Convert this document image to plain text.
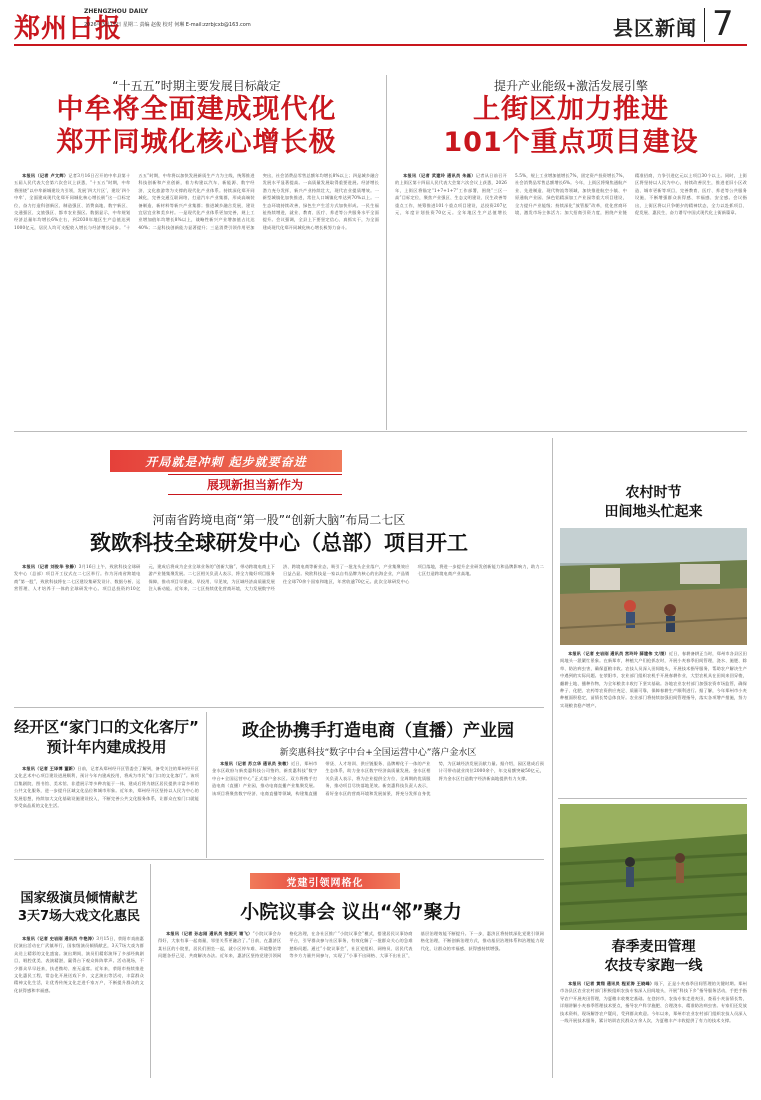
郑州日报
ZHENGZHOU DAILY
2026年3月17日 星期二 责编 赵俊 校对 何琳 E-mail:zzrbjcxb@163.com	县区新闻 7
“十五五”时期主要发展目标敲定
中牟将全面建成现代化
郑开同城化核心增长极

本报讯（记者 卢文辉）记者3月16日召开的中牟县第十五届人民代表大会第六次会议上获悉，“十五五”时期，中牟将围绕“以中牟新城建设为引领，发展‘四大片区’，建设‘四个中牟’，全面建成现代化郑开同城化核心增长极”这一目标定位，奋力打造科创新区、制造强区、消费高地、数字新区、交通强区、文旅强区、都市农业强区。数据显示，中牟规划经济总量年均增长6%左右，到2030年地区生产总值达到1000亿元，居民人均可支配收入增长与经济增长同步。“十五五”时期，中牟将以加快发展新质生产力为主线，统筹推进科技创新和产业创新，着力构建以汽车、新能源、数字经济、文化旅游等为支撑的现代化产业体系。持续深化郑开同城化，完善交通互联网络，打造汽车产业集群，形成高端装备制造、新材料等新兴产业集群；推进城乡融合发展，建设宜居宜业和美乡村。一是现代化产业体系更加完善，规上工业增加值年均增长8%以上，战略性新兴产业增加值占比达40%；二是科技创新能力显著提升；三是消费引领作用更加突出，社会消费品零售总额年均增长8%以上；四是城乡融合发展水平显著提高。一高质量发展取得重要进展。经济增长潜力充分发挥，新兴产业持续壮大，现代农业提质增效。一新型城镇化加快推进，常住人口城镇化率达到70%以上。一生态环境持续改善，绿色生产生活方式加快形成。一民生福祉持续增进，就业、教育、医疗、养老等公共服务水平全面提升。会议强调，全县上下要坚定信心、真抓实干，为全面建成现代化郑开同城化核心增长极努力奋斗。

提升产业能级+激活发展引擎
上街区加力推进
101个重点项目建设

本报讯（记者 武建玲 通讯员 朱磊）记者从日前召开的上街区第十四届人民代表大会第六次会议上获悉，2026年，上街区将锚定“1+7+1+7”工作部署，围绕“三区一高”目标定位，聚焦产业强区、生态文明建设、民生改善等重点工作，统筹推进101个重点项目建设，总投资207亿元，年度计划投资70亿元。全年地区生产总值增长5.5%，规上工业增加值增长7%，固定资产投资增长7%，社会消费品零售总额增长6%。今年，上街区将聚焦通航产业、先进制造、现代物流等领域，加快推进航空小镇、中原通航产业园、绿色铝精深加工产业园等重大项目建设，全力提升产业能级；持续深化“放管服”改革，优化营商环境，激发市场主体活力；加大招商引资力度，围绕产业链精准招商，力争引进亿元以上项目30个以上。同时，上街区将坚持以人民为中心，持续改善民生，推进老旧小区改造、城市更新等项目，完善教育、医疗、养老等公共服务设施，不断增强群众获得感、幸福感、安全感。会议指出，上街区将以只争朝夕的精神状态，全力以赴抓项目、促发展、惠民生，奋力谱写中国式现代化上街新篇章。

开局就是冲刺 起步就要奋进
展现新担当新作为
河南省跨境电商“第一股”“创新大脑”布局二七区
致欧科技全球研发中心（总部）项目开工

本报讯（记者 刘俊华 张静）3月16日上午，致欧科技全球研发中心（总部）项目开工仪式在二七区举行。作为河南省跨境电商“第一股”，致欧科技将在二七区建设集研发设计、数据分析、运营管理、人才培养于一体的全球研发中心。项目总投资约10亿元，建成后将成为企业全球业务的“创新大脑”，带动跨境电商上下游产业链集聚发展。二七区相关负责人表示，将全力做好项目服务保障，推动项目早建成、早投用、早见效，为区域经济高质量发展注入新动能。近年来，二七区持续优化营商环境，大力发展数字经济、跨境电商等新业态，吸引了一批龙头企业落户，产业集聚效应日益凸显。致欧科技是一家以自有品牌为核心的出海企业，产品销往全球70余个国家和地区，年营收逾70亿元。此次全球研发中心项目落地，将进一步提升企业研发创新能力和品牌影响力，助力二七区打造跨境电商产业高地。

农村时节
田间地头忙起来

本报讯（记者 史岩刚 通讯员 宫玲玲 薛建伟 文/图）近日，春耕备耕正当时，郑州市各县区田间地头一派繁忙景象。在新郑市，种植大户们抢抓农时，开展小麦春季田间管理，浇水、施肥、除草、防治病虫害，确保夏粮丰收。农技人员深入田间地头，开展技术指导服务，帮助农户解决生产中遇到的实际问题。在荥阳市，农业部门组织农机手开展春耕作业，大型农机具在田间来回穿梭，翻耕土地、播种作物，为全年粮食丰收打下坚实基础。各地农业农村部门加强农资市场监管，确保种子、化肥、农药等农资供应充足、质量可靠，保障春耕生产顺利进行。据了解，今年郑州市小麦种植面积稳定，苗情长势总体良好。农业部门将持续加强田间管理指导，落实各项增产措施，努力实现粮食稳产增产。

经开区“家门口的文化客厅”
预计年内建成投用

本报讯（记者 王译博 董新）日前，记者从郑州经开区管委会了解到，备受关注的郑州经开区文化艺术中心项目建设进展顺利，预计今年内建成投用，将成为市民“家门口的文化客厅”。该项目集剧院、图书馆、美术馆、非遗展示等多种功能于一体，建成后将为辖区居民提供丰富多样的公共文化服务，进一步提升区域文化品位和城市形象。近年来，郑州经开区坚持以人民为中心的发展思想，持续加大文化基础设施建设投入，不断完善公共文化服务体系，让群众在家门口就能享受高品质的文化生活。

政企协携手打造电商（直播）产业园
新奕惠科技“数字中台+全国运营中心”落户金水区

本报讯（记者 苏立华 通讯员 张敏）近日，郑州市金水区政府与新奕惠科技公司签约，新奕惠科技“数字中台+全国运营中心”正式落户金水区。双方将携手打造电商（直播）产业园，推动电商直播产业集聚发展。该项目将聚焦数字经济、电商直播等领域，构建集直播带货、人才培训、供应链服务、品牌孵化于一体的产业生态体系，助力金水区数字经济高质量发展。金水区相关负责人表示，将为企业提供全方位、全周期的优质服务，推动项目尽快落地见效。新奕惠科技负责人表示，看好金水区的营商环境和发展前景，将充分发挥自身优势，为区域经济发展贡献力量。据介绍，园区建成后预计可带动就业岗位2000余个，年交易额突破50亿元，将为金水区打造数字经济新高地提供有力支撑。

国家级演员倾情献艺
3天7场大戏文化惠民

本报讯（记者 史岩刚 通讯员 牛艳涛）3月15日，荥阳市戏曲惠民演出活动在广武镇举行，国家级演员倾情献艺，3天7场大戏为群众送上精彩的文化盛宴。演出期间，演员们精彩演绎了多部经典剧目，唱腔优美、表演精湛，赢得台下观众阵阵掌声。活动现场，不少群众早早赶来，扶老携幼、座无虚席。近年来，荥阳市持续推进文化惠民工程，常态化开展送戏下乡、文艺演出等活动，丰富群众精神文化生活，让优秀传统文化走进千家万户，不断提升群众的文化获得感和幸福感。

党建引领网格化
小院议事会 议出“邻”聚力

本报讯（记者 孙志刚 通讯员 张振天 谢飞）“小院议事会办得好，大家有事一起商量，邻里关系更融洽了。”日前，在惠济区某社区的小院里，居民们围坐一起，就小区停车难、环境整治等问题各抒己见、共商解决办法。近年来，惠济区坚持党建引领网格化治理，在各社区推广“小院议事会”模式，搭建居民议事协商平台，引导群众参与社区事务，有效化解了一批群众关心的急难愁盼问题。通过“小院议事会”，社区党组织、网格员、居民代表等多方力量共同参与，实现了“小事不出网格、大事不出社区”，基层治理效能不断提升。下一步，惠济区将持续深化党建引领网格化治理，不断创新治理方式，推动基层治理体系和治理能力现代化，让群众的幸福感、获得感持续增强。	春季麦田管理
农技专家跑一线

本报讯（记者 黄翔 通讯员 程亚涛 王晓峰）眼下，正是小麦春季田间管理的关键时期。郑州市各县区农业农村部门积极组织农技专家深入田间地头，开展“科技下乡”指导服务活动，手把手指导农户开展麦田管理，为夏粮丰收奠定基础。在登封市，农技专家走进麦田，查看小麦苗情长势，详细讲解小麦春季管理技术要点，指导农户科学施肥、合理浇水、精准防治病虫害。专家们还发放技术资料，现场解答农户疑问，受到群众欢迎。今年以来，郑州市农业农村部门组织农技人员深入一线开展技术服务，累计培训农民群众万余人次，为夏粮丰产丰收提供了有力的技术支撑。
